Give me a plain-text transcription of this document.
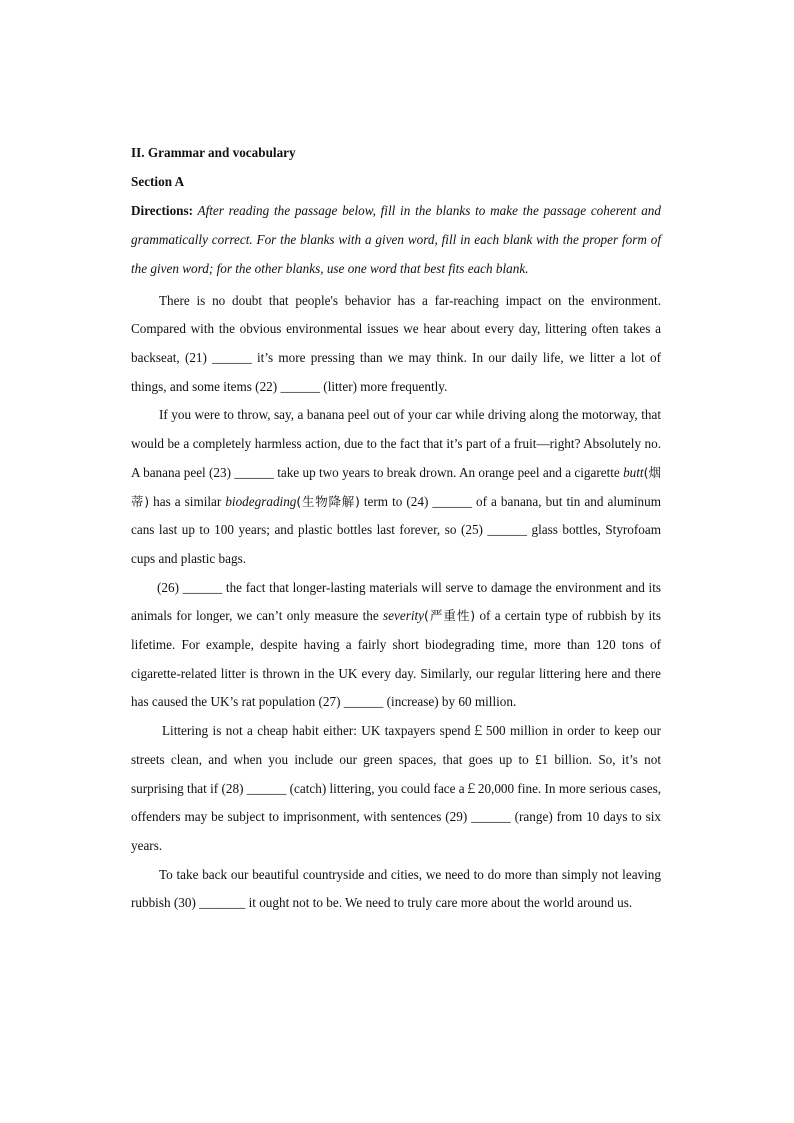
II. Grammar and vocabulary

Section A

Directions: After reading the passage below, fill in the blanks to make the passage coherent and grammatically correct. For the blanks with a given word, fill in each blank with the proper form of the given word; for the other blanks, use one word that best fits each blank.

There is no doubt that people's behavior has a far-reaching impact on the environment. Compared with the obvious environmental issues we hear about every day, littering often takes a backseat, (21) ______ it’s more pressing than we may think. In our daily life, we litter a lot of things, and some items (22) ______ (litter) more frequently.

If you were to throw, say, a banana peel out of your car while driving along the motorway, that would be a completely harmless action, due to the fact that it’s part of a fruit—right? Absolutely no. A banana peel (23) ______ take up two years to break drown. An orange peel and a cigarette butt(烟蒂) has a similar biodegrading(生物降解) term to (24) ______ of a banana, but tin and aluminum cans last up to 100 years; and plastic bottles last forever, so (25) ______ glass bottles, Styrofoam cups and plastic bags.

(26) ______ the fact that longer-lasting materials will serve to damage the environment and its animals for longer, we can’t only measure the severity(严重性) of a certain type of rubbish by its lifetime. For example, despite having a fairly short biodegrading time, more than 120 tons of cigarette-related litter is thrown in the UK every day. Similarly, our regular littering here and there has caused the UK’s rat population (27) ______ (increase) by 60 million.

Littering is not a cheap habit either: UK taxpayers spend￡500 million in order to keep our streets clean, and when you include our green spaces, that goes up to £1 billion. So, it’s not surprising that if (28) ______ (catch) littering, you could face a￡20,000 fine. In more serious cases, offenders may be subject to imprisonment, with sentences (29) ______ (range) from 10 days to six years.

To take back our beautiful countryside and cities, we need to do more than simply not leaving rubbish (30) _______ it ought not to be. We need to truly care more about the world around us.
